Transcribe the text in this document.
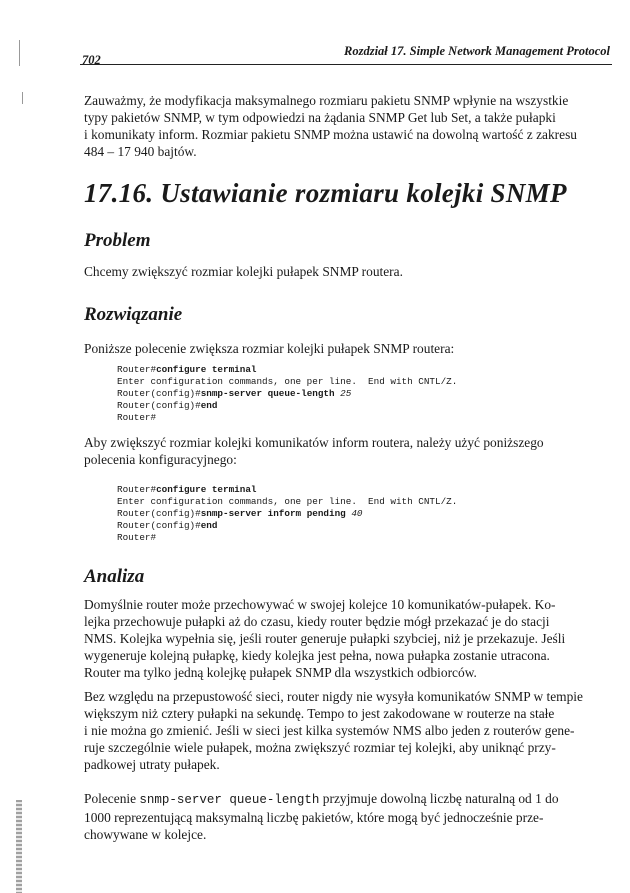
702
Rozdział 17. Simple Network Management Protocol
Zauważmy, że modyfikacja maksymalnego rozmiaru pakietu SNMP wpłynie na wszystkie
typy pakietów SNMP, w tym odpowiedzi na żądania SNMP Get lub Set, a także pułapki
i komunikaty inform. Rozmiar pakietu SNMP można ustawić na dowolną wartość z zakresu
484 – 17 940 bajtów.
17.16. Ustawianie rozmiaru kolejki SNMP
Problem
Chcemy zwiększyć rozmiar kolejki pułapek SNMP routera.
Rozwiązanie
Poniższe polecenie zwiększa rozmiar kolejki pułapek SNMP routera:
Router#configure terminal
Enter configuration commands, one per line.  End with CNTL/Z.
Router(config)#snmp-server queue-length 25
Router(config)#end
Router#
Aby zwiększyć rozmiar kolejki komunikatów inform routera, należy użyć poniższego
polecenia konfiguracyjnego:
Router#configure terminal
Enter configuration commands, one per line.  End with CNTL/Z.
Router(config)#snmp-server inform pending 40
Router(config)#end
Router#
Analiza
Domyślnie router może przechowywać w swojej kolejce 10 komunikatów-pułapek. Ko-
lejka przechowuje pułapki aż do czasu, kiedy router będzie mógł przekazać je do stacji
NMS. Kolejka wypełnia się, jeśli router generuje pułapki szybciej, niż je przekazuje. Jeśli
wygeneruje kolejną pułapkę, kiedy kolejka jest pełna, nowa pułapka zostanie utracona.
Router ma tylko jedną kolejkę pułapek SNMP dla wszystkich odbiorców.
Bez względu na przepustowość sieci, router nigdy nie wysyła komunikatów SNMP w tempie
większym niż cztery pułapki na sekundę. Tempo to jest zakodowane w routerze na stałe
i nie można go zmienić. Jeśli w sieci jest kilka systemów NMS albo jeden z routerów gene-
ruje szczególnie wiele pułapek, można zwiększyć rozmiar tej kolejki, aby uniknąć przy-
padkowej utraty pułapek.
Polecenie snmp-server queue-length przyjmuje dowolną liczbę naturalną od 1 do
1000 reprezentującą maksymalną liczbę pakietów, które mogą być jednocześnie prze-
chowywane w kolejce.
